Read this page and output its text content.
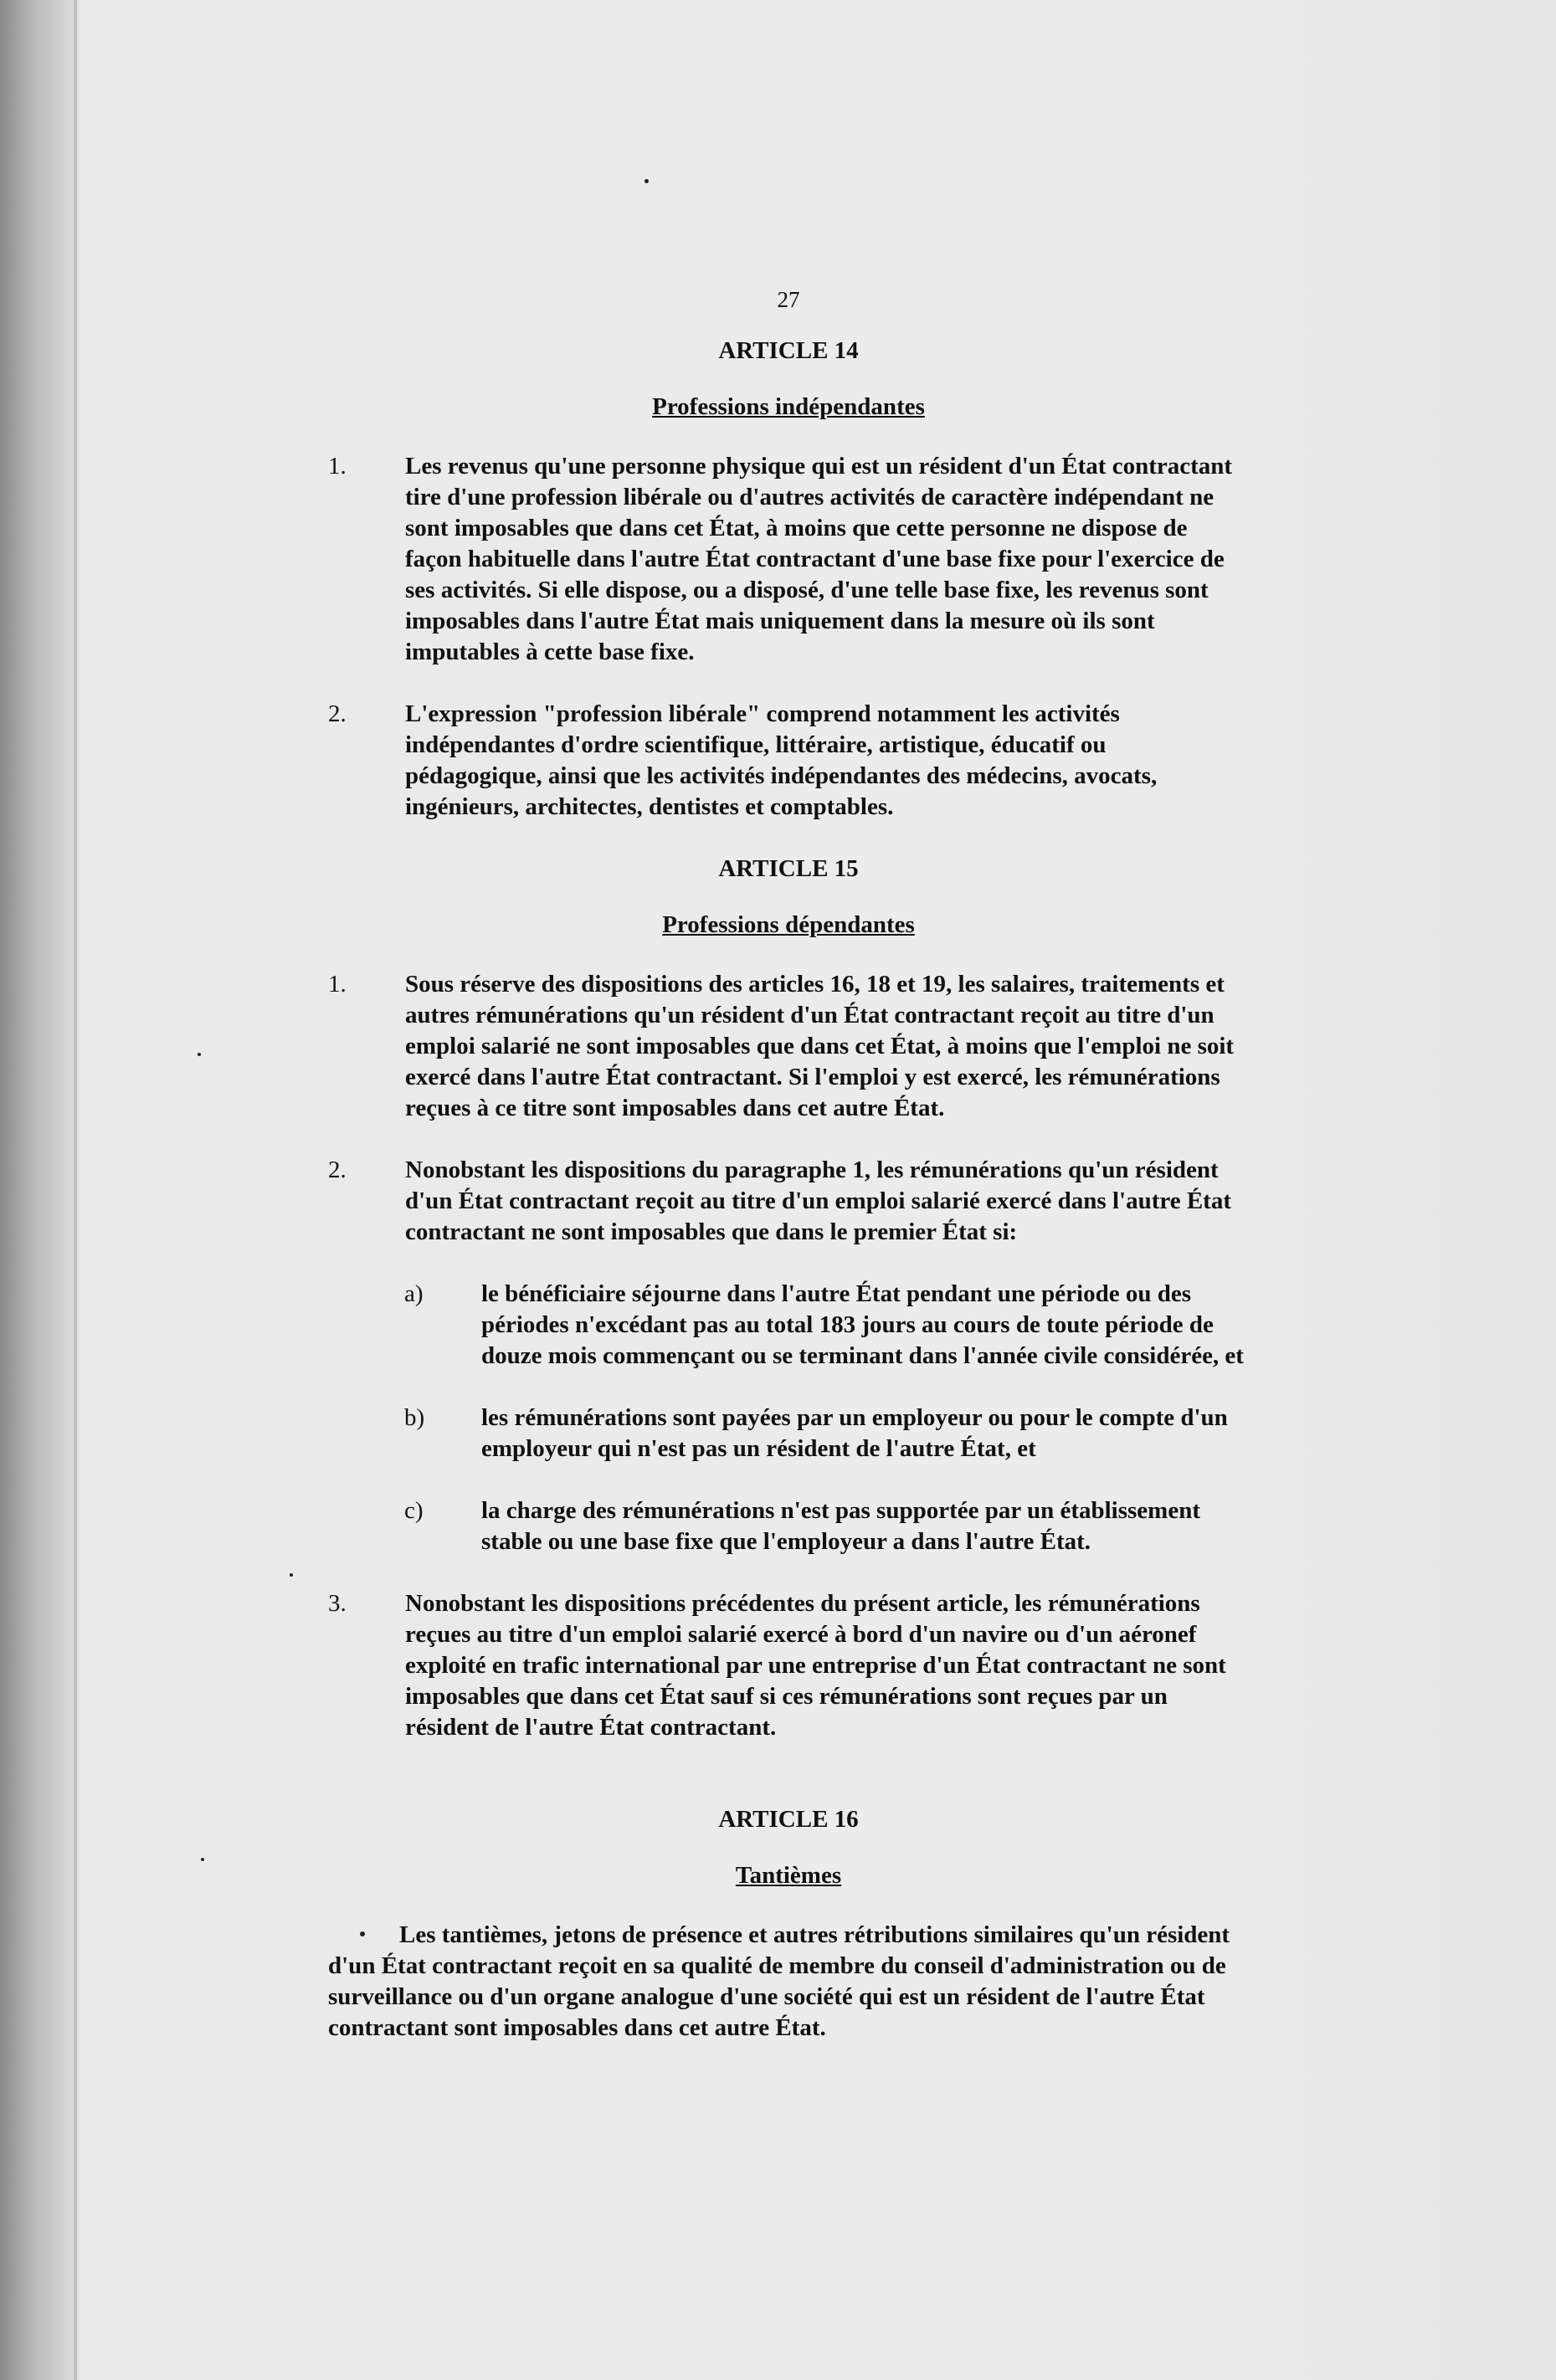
27
ARTICLE 14
Professions indépendantes
1. Les revenus qu'une personne physique qui est un résident d'un État contractant tire d'une profession libérale ou d'autres activités de caractère indépendant ne sont imposables que dans cet État, à moins que cette personne ne dispose de façon habituelle dans l'autre État contractant d'une base fixe pour l'exercice de ses activités. Si elle dispose, ou a disposé, d'une telle base fixe, les revenus sont imposables dans l'autre État mais uniquement dans la mesure où ils sont imputables à cette base fixe.
2. L'expression "profession libérale" comprend notamment les activités indépendantes d'ordre scientifique, littéraire, artistique, éducatif ou pédagogique, ainsi que les activités indépendantes des médecins, avocats, ingénieurs, architectes, dentistes et comptables.
ARTICLE 15
Professions dépendantes
1. Sous réserve des dispositions des articles 16, 18 et 19, les salaires, traitements et autres rémunérations qu'un résident d'un État contractant reçoit au titre d'un emploi salarié ne sont imposables que dans cet État, à moins que l'emploi ne soit exercé dans l'autre État contractant. Si l'emploi y est exercé, les rémunérations reçues à ce titre sont imposables dans cet autre État.
2. Nonobstant les dispositions du paragraphe 1, les rémunérations qu'un résident d'un État contractant reçoit au titre d'un emploi salarié exercé dans l'autre État contractant ne sont imposables que dans le premier État si:
a) le bénéficiaire séjourne dans l'autre État pendant une période ou des périodes n'excédant pas au total 183 jours au cours de toute période de douze mois commençant ou se terminant dans l'année civile considérée, et
b) les rémunérations sont payées par un employeur ou pour le compte d'un employeur qui n'est pas un résident de l'autre État, et
c) la charge des rémunérations n'est pas supportée par un établissement stable ou une base fixe que l'employeur a dans l'autre État.
3. Nonobstant les dispositions précédentes du présent article, les rémunérations reçues au titre d'un emploi salarié exercé à bord d'un navire ou d'un aéronef exploité en trafic international par une entreprise d'un État contractant ne sont imposables que dans cet État sauf si ces rémunérations sont reçues par un résident de l'autre État contractant.
ARTICLE 16
Tantièmes
Les tantièmes, jetons de présence et autres rétributions similaires qu'un résident d'un État contractant reçoit en sa qualité de membre du conseil d'administration ou de surveillance ou d'un organe analogue d'une société qui est un résident de l'autre État contractant sont imposables dans cet autre État.
